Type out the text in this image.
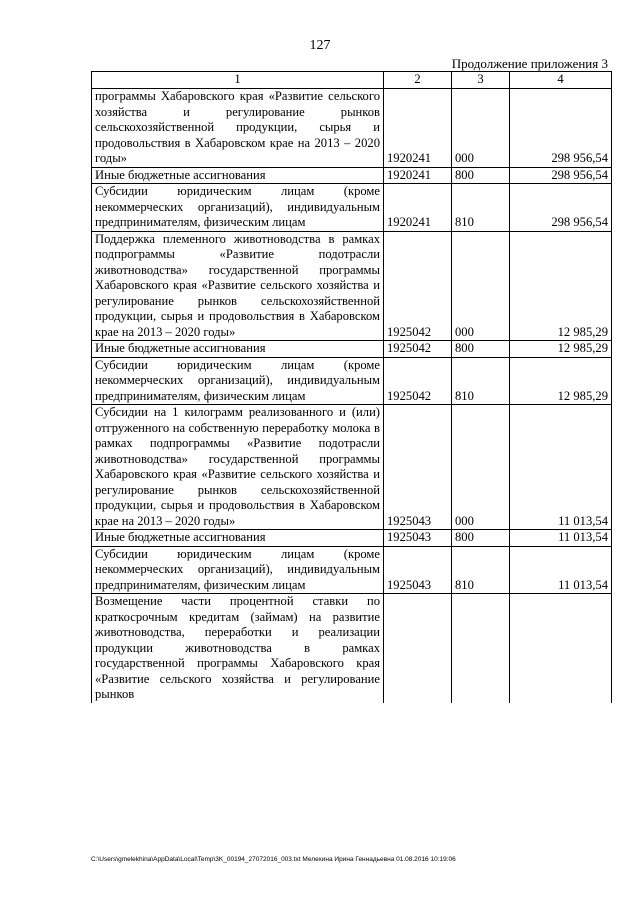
127
Продолжение приложения 3
1	2	3	4
программы Хабаровского края «Развитие сельского хозяйства и регулирование рынков сельскохозяйственной продукции, сырья и продовольствия в Хабаровском крае на 2013 – 2020 годы»	1920241	000	298 956,54
Иные бюджетные ассигнования	1920241	800	298 956,54
Субсидии юридическим лицам (кроме некоммерческих организаций), индивидуальным предпринимателям, физическим лицам	1920241	810	298 956,54
Поддержка племенного животноводства в рамках подпрограммы «Развитие подотрасли животноводства» государственной программы Хабаровского края «Развитие сельского хозяйства и регулирование рынков сельскохозяйственной продукции, сырья и продовольствия в Хабаровском крае на 2013 – 2020 годы»	1925042	000	12 985,29
Иные бюджетные ассигнования	1925042	800	12 985,29
Субсидии юридическим лицам (кроме некоммерческих организаций), индивидуальным предпринимателям, физическим лицам	1925042	810	12 985,29
Субсидии на 1 килограмм реализованного и (или) отгруженного на собственную переработку молока в рамках подпрограммы «Развитие подотрасли животноводства» государственной программы Хабаровского края «Развитие сельского хозяйства и регулирование рынков сельскохозяйственной продукции, сырья и продовольствия в Хабаровском крае на 2013 – 2020 годы»	1925043	000	11 013,54
Иные бюджетные ассигнования	1925043	800	11 013,54
Субсидии юридическим лицам (кроме некоммерческих организаций), индивидуальным предпринимателям, физическим лицам	1925043	810	11 013,54
Возмещение части процентной ставки по краткосрочным кредитам (займам) на развитие животноводства, переработки и реализации продукции животноводства в рамках государственной программы Хабаровского края «Развитие сельского хозяйства и регулирование рынков			
C:\Users\gmelekhina\AppData\Local\Temp\3K_00194_27072016_003.txt Мелехина Ирина Геннадьевна 01.08.2016 10:19:06
